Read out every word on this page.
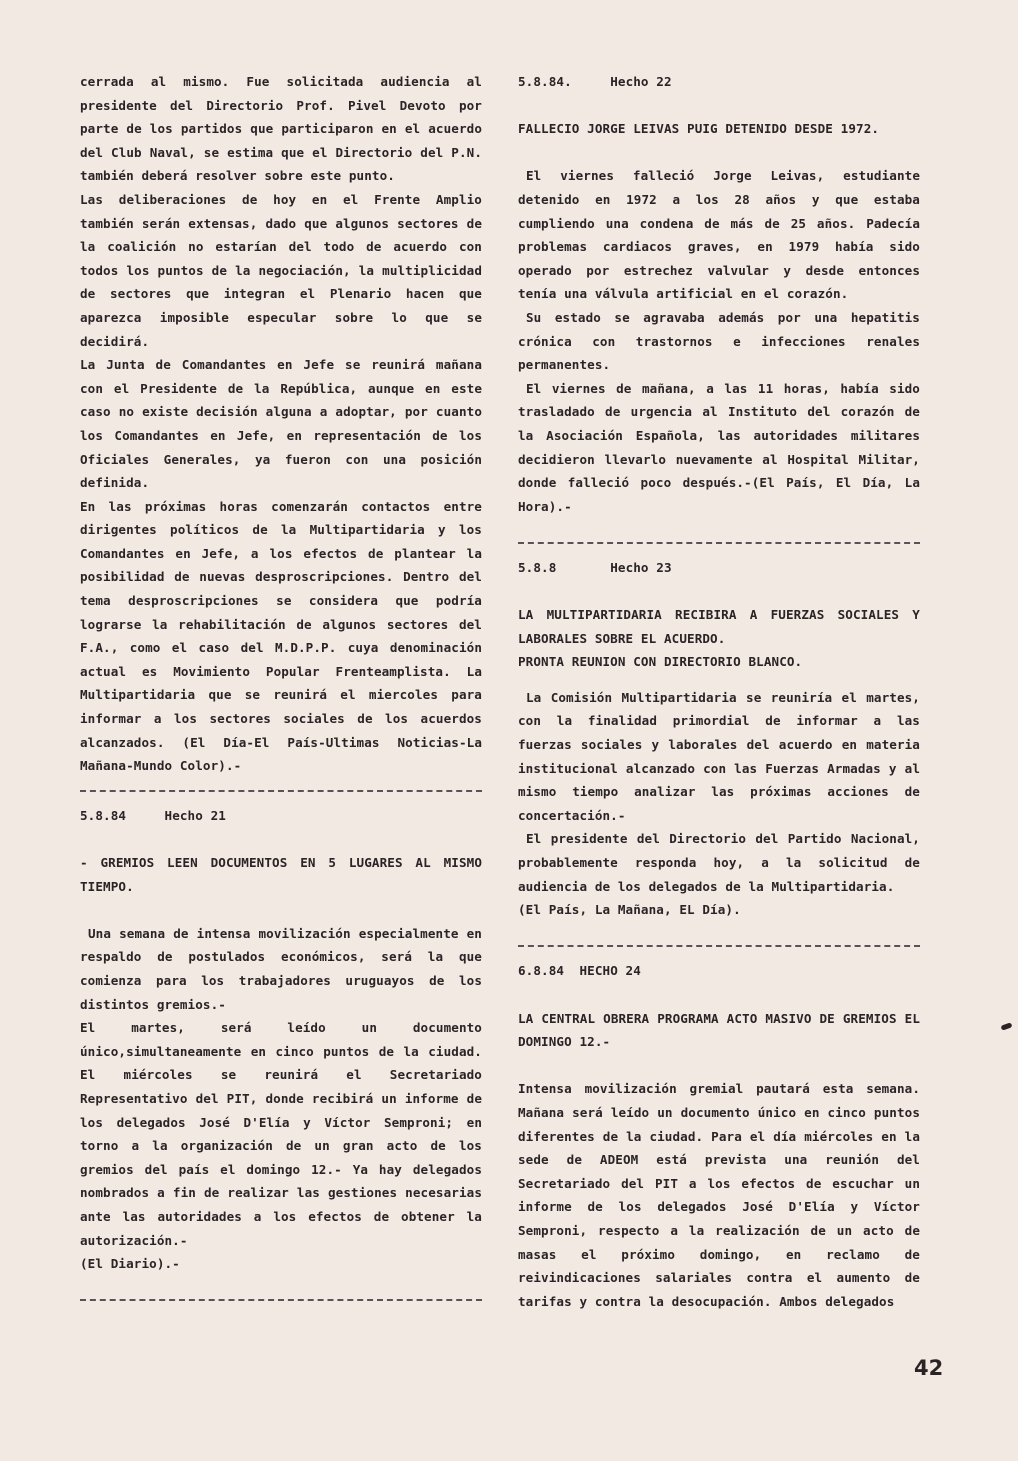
cerrada al mismo. Fue solicitada audiencia al presidente del Directorio Prof. Pivel Devoto por parte de los partidos que participaron en el acuerdo del Club Naval, se estima que el Directorio del P.N. también deberá resolver sobre este punto.

Las deliberaciones de hoy en el Frente Amplio también serán extensas, dado que algunos sectores de la coalición no estarían del todo de acuerdo con todos los puntos de la negociación, la multiplicidad de sectores que integran el Plenario hacen que aparezca imposible especular sobre lo que se decidirá.

La Junta de Comandantes en Jefe se reunirá mañana con el Presidente de la República, aunque en este caso no existe decisión alguna a adoptar, por cuanto los Comandantes en Jefe, en representación de los Oficiales Generales, ya fueron con una posición definida.

En las próximas horas comenzarán contactos entre dirigentes políticos de la Multipartidaria y los Comandantes en Jefe, a los efectos de plantear la posibilidad de nuevas desproscripciones. Dentro del tema desproscripciones se considera que podría lograrse la rehabilitación de algunos sectores del F.A., como el caso del M.D.P.P. cuya denominación actual es Movimiento Popular Frenteamplista. La Multipartidaria que se reunirá el miercoles para informar a los sectores sociales de los acuerdos alcanzados. (El Día-El País-Ultimas Noticias-La Mañana-Mundo Color).-

5.8.84	Hecho 21

- GREMIOS LEEN DOCUMENTOS EN 5 LUGARES AL MISMO TIEMPO.

Una semana de intensa movilización especialmente en respaldo de postulados económicos, será la que comienza para los trabajadores uruguayos de los distintos gremios.-

El martes, será leído un documento único,simultaneamente en cinco puntos de la ciudad. El miércoles se reunirá el Secretariado Representativo del PIT, donde recibirá un informe de los delegados José D'Elía y Víctor Semproni; en torno a la organización de un gran acto de los gremios del país el domingo 12.- Ya hay delegados nombrados a fin de realizar las gestiones necesarias ante las autoridades a los efectos de obtener la autorización.-

(El Diario).-

5.8.84.	Hecho 22

FALLECIO JORGE LEIVAS PUIG DETENIDO DESDE 1972.

El viernes falleció Jorge Leivas, estudiante detenido en 1972 a los 28 años y que estaba cumpliendo una condena de más de 25 años. Padecía problemas cardiacos graves, en 1979 había sido operado por estrechez valvular y desde entonces tenía una válvula artificial en el corazón.

Su estado se agravaba además por una hepatitis crónica con trastornos e infecciones renales permanentes.

El viernes de mañana, a las 11 horas, había sido trasladado de urgencia al Instituto del corazón de la Asociación Española, las autoridades militares decidieron llevarlo nuevamente al Hospital Militar, donde falleció poco después.-(El País, El Día, La Hora).-

5.8.8	Hecho 23

LA MULTIPARTIDARIA RECIBIRA A FUERZAS SOCIALES Y LABORALES SOBRE EL ACUERDO.

PRONTA REUNION CON DIRECTORIO BLANCO.

La Comisión Multipartidaria se reuniría el martes, con la finalidad primordial de informar a las fuerzas sociales y laborales del acuerdo en materia institucional alcanzado con las Fuerzas Armadas y al mismo tiempo analizar las próximas acciones de concertación.-

El presidente del Directorio del Partido Nacional, probablemente responda hoy, a la solicitud de audiencia de los delegados de la Multipartidaria.

(El País, La Mañana, EL Día).

6.8.84 HECHO 24

LA CENTRAL OBRERA PROGRAMA ACTO MASIVO DE GREMIOS EL DOMINGO 12.-

Intensa movilización gremial pautará esta semana. Mañana será leído un documento único en cinco puntos diferentes de la ciudad. Para el día miércoles en la sede de ADEOM está prevista una reunión del Secretariado del PIT a los efectos de escuchar un informe de los delegados José D'Elía y Víctor Semproni, respecto a la realización de un acto de masas el próximo domingo, en reclamo de reivindicaciones salariales contra el aumento de tarifas y contra la desocupación. Ambos delegados

42
